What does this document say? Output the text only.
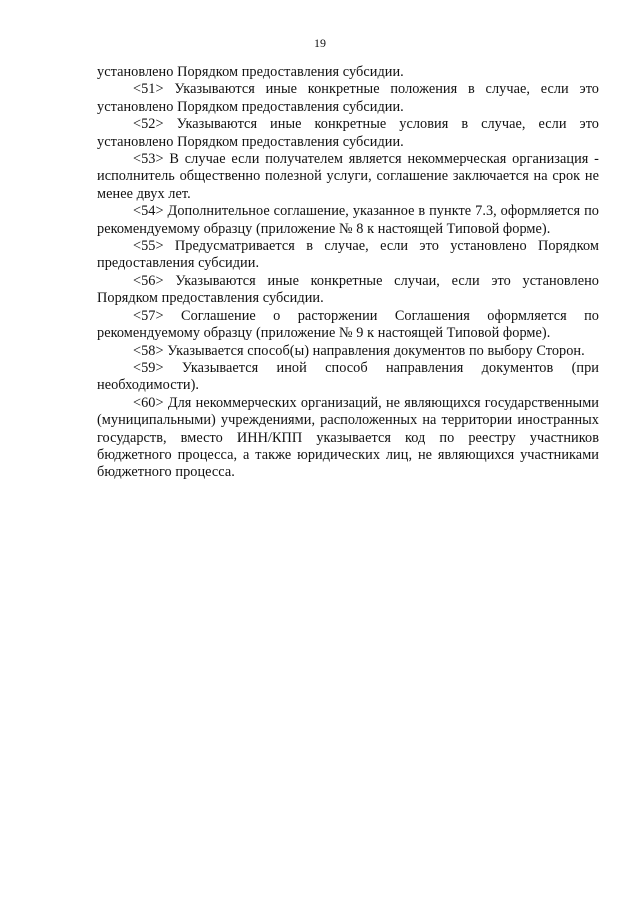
19

установлено Порядком предоставления субсидии.

<51> Указываются иные конкретные положения в случае, если это установлено Порядком предоставления субсидии.

<52> Указываются иные конкретные условия в случае, если это установлено Порядком предоставления субсидии.

<53> В случае если получателем является некоммерческая организация - исполнитель общественно полезной услуги, соглашение заключается на срок не менее двух лет.

<54> Дополнительное соглашение, указанное в пункте 7.3, оформляется по рекомендуемому образцу (приложение № 8 к настоящей Типовой форме).

<55> Предусматривается в случае, если это установлено Порядком предоставления субсидии.

<56> Указываются иные конкретные случаи, если это установлено Порядком предоставления субсидии.

<57> Соглашение о расторжении Соглашения оформляется по рекомендуемому образцу (приложение № 9 к настоящей Типовой форме).

<58> Указывается способ(ы) направления документов по выбору Сторон.

<59> Указывается иной способ направления документов (при необходимости).

<60> Для некоммерческих организаций, не являющихся государственными (муниципальными) учреждениями, расположенных на территории иностранных государств, вместо ИНН/КПП указывается код по реестру участников бюджетного процесса, а также юридических лиц, не являющихся участниками бюджетного процесса.
